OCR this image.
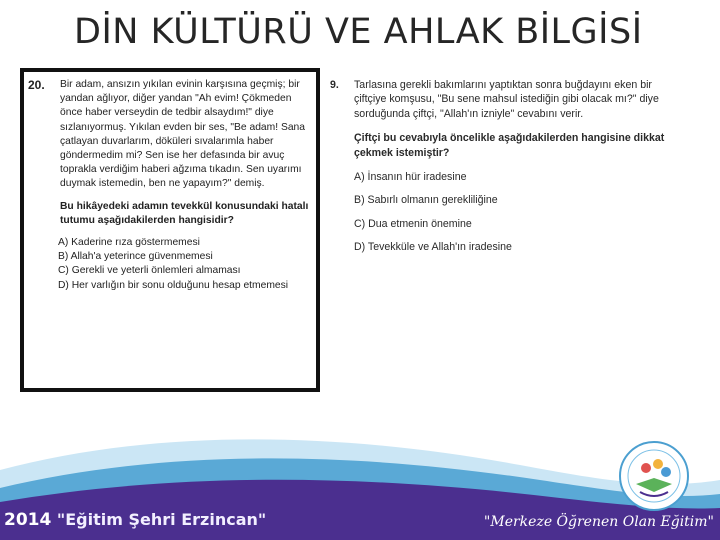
DİN KÜLTÜRÜ VE AHLAK BİLGİSİ
20. Bir adam, ansızın yıkılan evinin karşısına geçmiş; bir yandan ağlıyor, diğer yandan "Ah evim! Çökmeden önce haber verseydin de tedbir alsaydım!" diye sızlanıyormuş. Yıkılan evden bir ses, "Be adam! Sana çatlayan duvarlarım, döküleri sıvalarımla haber göndermedim mi? Sen ise her defasında bir avuç toprakla verdiğim haberi ağzıma tıkadın. Sen uyarımı duymak istemedin, ben ne yapayım?" demiş.

Bu hikâyedeki adamın tevekkül konusundaki hatalı tutumu aşağıdakilerden hangisidir?

A) Kaderine rıza göstermemesi
B) Allah'a yeterince güvenmemesi
C) Gerekli ve yeterli önlemleri almaması
D) Her varlığın bir sonu olduğunu hesap etmemesi
9. Tarlasına gerekli bakımlarını yaptıktan sonra buğdayını eken bir çiftçiye komşusu, "Bu sene mahsul istediğin gibi olacak mı?" diye sorduğunda çiftçi, "Allah'ın izniyle" cevabını verir.

Çiftçi bu cevabıyla öncelikle aşağıdakilerden hangisine dikkat çekmek istemiştir?

A) İnsanın hür iradesine
B) Sabırlı olmanın gerekliliğine
C) Dua etmenin önemine
D) Tevekküle ve Allah'ın iradesine
2014 "Eğitim Şehri Erzincan"	"Merkeze Öğrenen Olan Eğitim"
